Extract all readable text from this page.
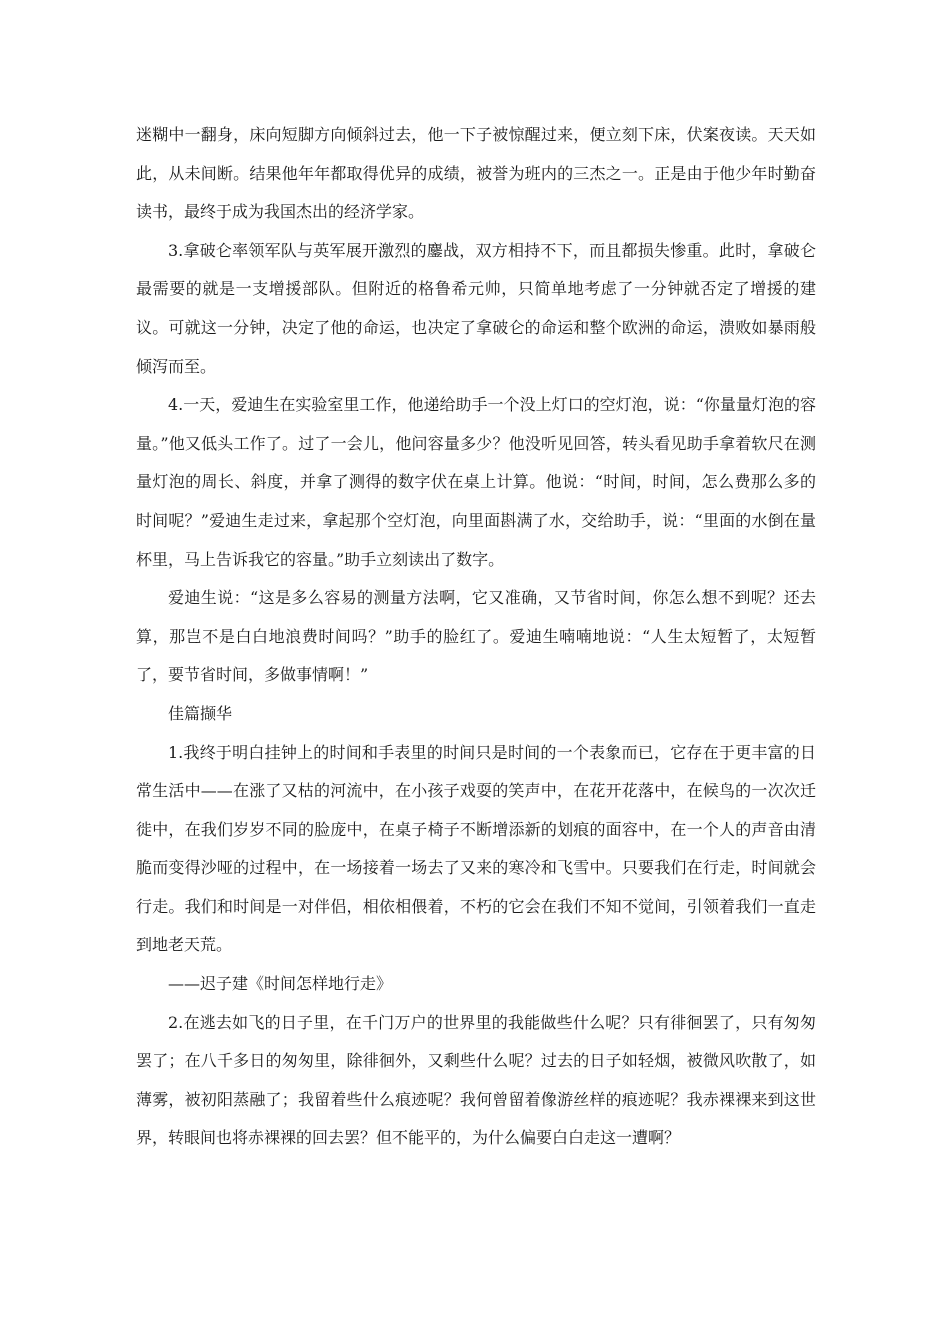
迷糊中一翻身，床向短脚方向倾斜过去，他一下子被惊醒过来，便立刻下床，伏案夜读。天天如此，从未间断。结果他年年都取得优异的成绩，被誉为班内的三杰之一。正是由于他少年时勤奋读书，最终于成为我国杰出的经济学家。

3.拿破仑率领军队与英军展开激烈的鏖战，双方相持不下，而且都损失惨重。此时，拿破仑最需要的就是一支增援部队。但附近的格鲁希元帅，只简单地考虑了一分钟就否定了增援的建议。可就这一分钟，决定了他的命运，也决定了拿破仑的命运和整个欧洲的命运，溃败如暴雨般倾泻而至。

4.一天，爱迪生在实验室里工作，他递给助手一个没上灯口的空灯泡，说：“你量量灯泡的容量。”他又低头工作了。过了一会儿，他问容量多少？他没听见回答，转头看见助手拿着软尺在测量灯泡的周长、斜度，并拿了测得的数字伏在桌上计算。他说：“时间，时间，怎么费那么多的时间呢？”爱迪生走过来，拿起那个空灯泡，向里面斟满了水，交给助手，说：“里面的水倒在量杯里，马上告诉我它的容量。”助手立刻读出了数字。

爱迪生说：“这是多么容易的测量方法啊，它又准确，又节省时间，你怎么想不到呢？还去算，那岂不是白白地浪费时间吗？”助手的脸红了。爱迪生喃喃地说：“人生太短暂了，太短暂了，要节省时间，多做事情啊！”

佳篇撷华

1.我终于明白挂钟上的时间和手表里的时间只是时间的一个表象而已，它存在于更丰富的日常生活中——在涨了又枯的河流中，在小孩子戏耍的笑声中，在花开花落中，在候鸟的一次次迁徙中，在我们岁岁不同的脸庞中，在桌子椅子不断增添新的划痕的面容中，在一个人的声音由清脆而变得沙哑的过程中，在一场接着一场去了又来的寒冷和飞雪中。只要我们在行走，时间就会行走。我们和时间是一对伴侣，相依相偎着，不朽的它会在我们不知不觉间，引领着我们一直走到地老天荒。

——迟子建《时间怎样地行走》

2.在逃去如飞的日子里，在千门万户的世界里的我能做些什么呢？只有徘徊罢了，只有匆匆罢了；在八千多日的匆匆里，除徘徊外，又剩些什么呢？过去的日子如轻烟，被微风吹散了，如薄雾，被初阳蒸融了；我留着些什么痕迹呢？我何曾留着像游丝样的痕迹呢？我赤裸裸来到这世界，转眼间也将赤裸裸的回去罢？但不能平的，为什么偏要白白走这一遭啊？
